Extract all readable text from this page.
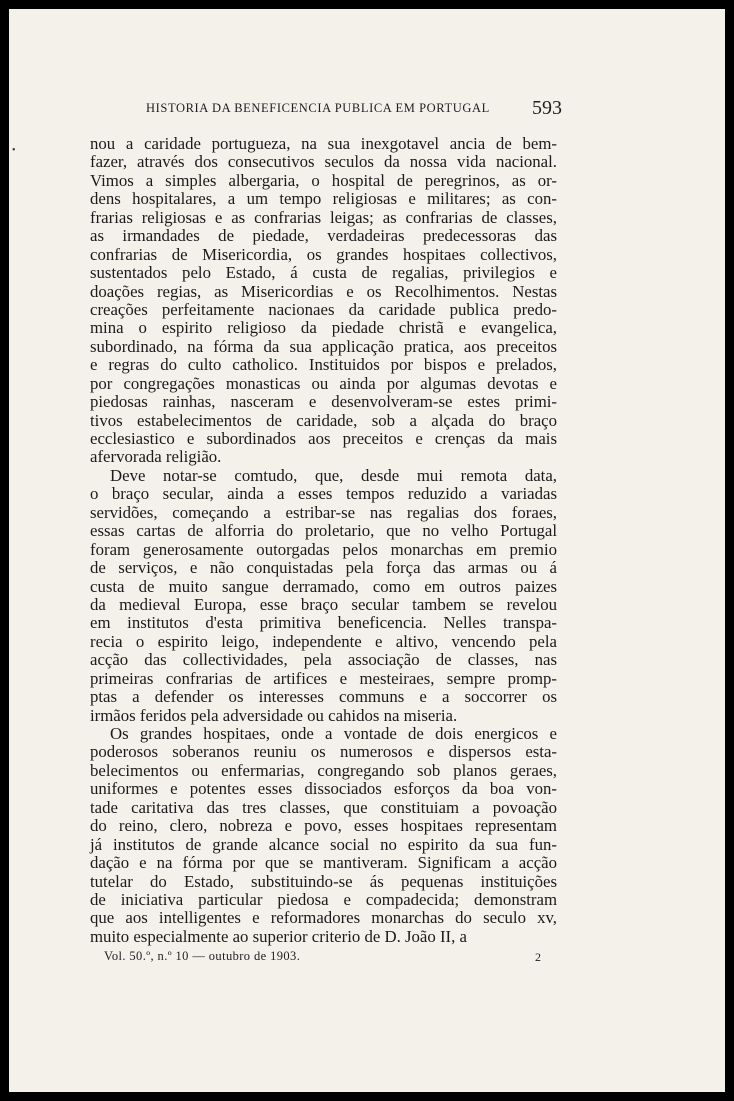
HISTORIA DA BENEFICENCIA PUBLICA EM PORTUGAL 593
•	nou a caridade portugueza, na sua inexgotavel ancia de bem-
fazer, através dos consecutivos seculos da nossa vida nacional.
Vimos a simples albergaria, o hospital de peregrinos, as or-
dens hospitalares, a um tempo religiosas e militares; as con-
frarias religiosas e as confrarias leigas; as confrarias de classes,
as irmandades de piedade, verdadeiras predecessoras das
confrarias de Misericordia, os grandes hospitaes collectivos,
sustentados pelo Estado, á custa de regalias, privilegios e
doações regias, as Misericordias e os Recolhimentos. Nestas
creações perfeitamente nacionaes da caridade publica predo-
mina o espirito religioso da piedade christã e evangelica,
subordinado, na fórma da sua applicação pratica, aos preceitos
e regras do culto catholico. Instituidos por bispos e prelados,
por congregações monasticas ou ainda por algumas devotas e
piedosas rainhas, nasceram e desenvolveram-se estes primi-
tivos estabelecimentos de caridade, sob a alçada do braço
ecclesiastico e subordinados aos preceitos e crenças da mais
afervorada religião.
Deve notar-se comtudo, que, desde mui remota data,
o braço secular, ainda a esses tempos reduzido a variadas
servidões, começando a estribar-se nas regalias dos foraes,
essas cartas de alforria do proletario, que no velho Portugal
foram generosamente outorgadas pelos monarchas em premio
de serviços, e não conquistadas pela força das armas ou á
custa de muito sangue derramado, como em outros paizes
da medieval Europa, esse braço secular tambem se revelou
em institutos d'esta primitiva beneficencia. Nelles transpa-
recia o espirito leigo, independente e altivo, vencendo pela
acção das collectividades, pela associação de classes, nas
primeiras confrarias de artifices e mesteiraes, sempre promp-
ptas a defender os interesses communs e a soccorrer os
irmãos feridos pela adversidade ou cahidos na miseria.
Os grandes hospitaes, onde a vontade de dois energicos e
poderosos soberanos reuniu os numerosos e dispersos esta-
belecimentos ou enfermarias, congregando sob planos geraes,
uniformes e potentes esses dissociados esforços da boa von-
tade caritativa das tres classes, que constituiam a povoação
do reino, clero, nobreza e povo, esses hospitaes representam
já institutos de grande alcance social no espirito da sua fun-
dação e na fórma por que se mantiveram. Significam a acção
tutelar do Estado, substituindo-se ás pequenas instituições
de iniciativa particular piedosa e compadecida; demonstram
que aos intelligentes e reformadores monarchas do seculo xv,
muito especialmente ao superior criterio de D. João II, a
Vol. 50.º, n.º 10 — outubro de 1903.	2
